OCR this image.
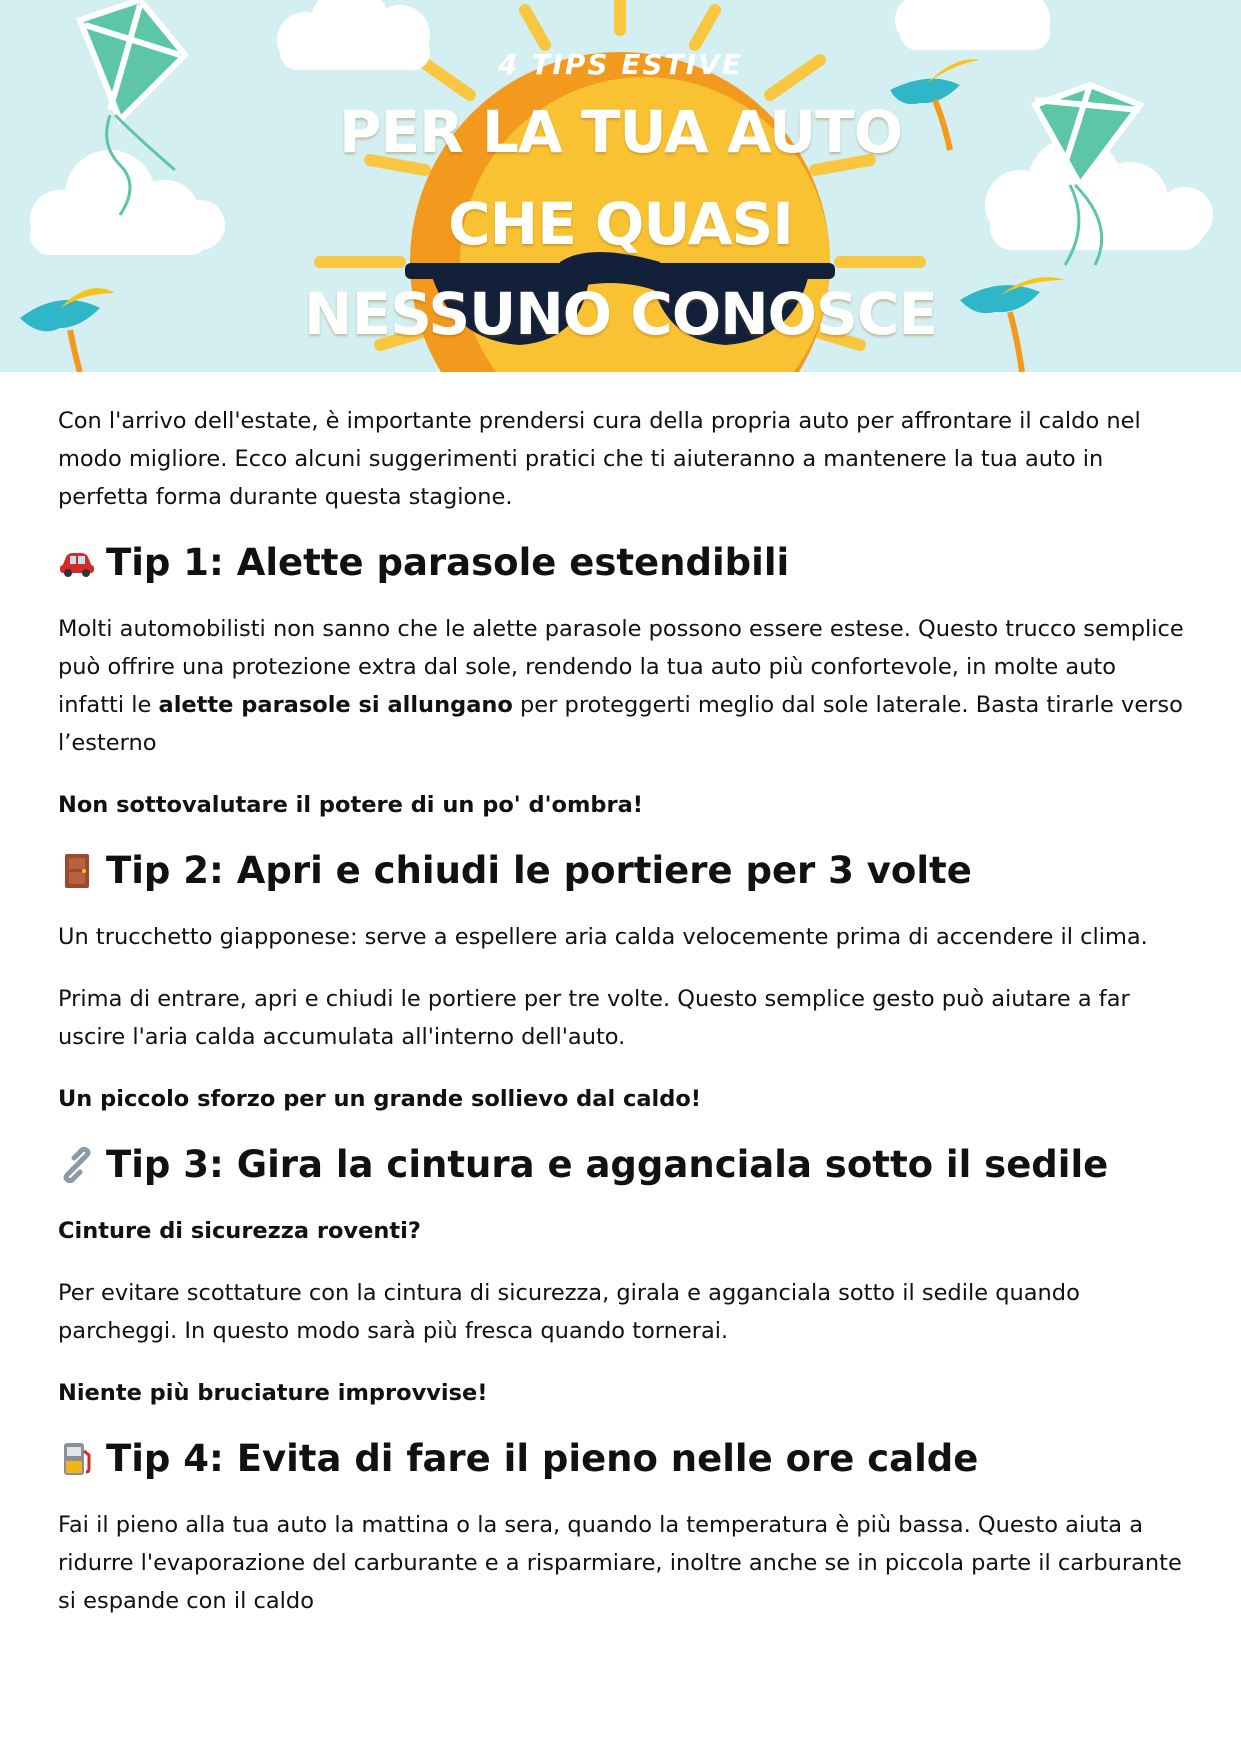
4 TIPS ESTIVE
PER LA TUA AUTO
CHE QUASI
NESSUNO CONOSCE

Con l'arrivo dell'estate, è importante prendersi cura della propria auto per affrontare il caldo nel modo migliore. Ecco alcuni suggerimenti pratici che ti aiuteranno a mantenere la tua auto in perfetta forma durante questa stagione.

Tip 1: Alette parasole estendibili

Molti automobilisti non sanno che le alette parasole possono essere estese. Questo trucco semplice può offrire una protezione extra dal sole, rendendo la tua auto più confortevole, in molte auto infatti le alette parasole si allungano per proteggerti meglio dal sole laterale. Basta tirarle verso l’esterno

Non sottovalutare il potere di un po' d'ombra!

Tip 2: Apri e chiudi le portiere per 3 volte

Un trucchetto giapponese: serve a espellere aria calda velocemente prima di accendere il clima.

Prima di entrare, apri e chiudi le portiere per tre volte. Questo semplice gesto può aiutare a far uscire l'aria calda accumulata all'interno dell'auto.

Un piccolo sforzo per un grande sollievo dal caldo!

Tip 3: Gira la cintura e agganciala sotto il sedile

Cinture di sicurezza roventi?

Per evitare scottature con la cintura di sicurezza, girala e agganciala sotto il sedile quando parcheggi. In questo modo sarà più fresca quando tornerai.

Niente più bruciature improvvise!

Tip 4: Evita di fare il pieno nelle ore calde

Fai il pieno alla tua auto la mattina o la sera, quando la temperatura è più bassa. Questo aiuta a ridurre l'evaporazione del carburante e a risparmiare, inoltre anche se in piccola parte il carburante si espande con il caldo
